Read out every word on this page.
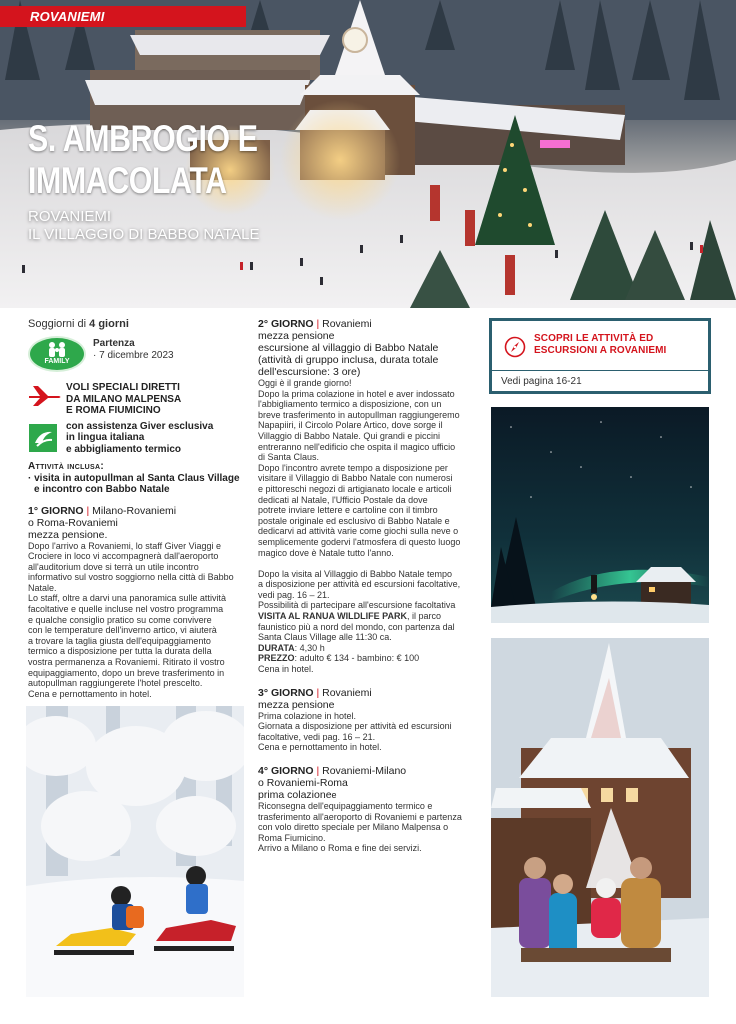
ROVANIEMI
S. AMBROGIO E
IMMACOLATA
ROVANIEMI
IL VILLAGGIO DI BABBO NATALE
Soggiorni di 4 giorni
FAMILY
Partenza
· 7 dicembre 2023
VOLI SPECIALI DIRETTI
DA MILANO MALPENSA
E ROMA FIUMICINO
con assistenza Giver esclusiva
in lingua italiana
e abbigliamento termico
Attività inclusa:
· visita in autopullman al Santa Claus Village
e incontro con Babbo Natale
1° GIORNO | Milano-Rovaniemi
o Roma-Rovaniemi
mezza pensione.

Dopo l'arrivo a Rovaniemi, lo staff Giver Viaggi e

Crociere in loco vi accompagnerà dall'aeroporto

all'auditorium dove si terrà un utile incontro

informativo sul vostro soggiorno nella città di Babbo

Natale.

Lo staff, oltre a darvi una panoramica sulle attività

facoltative e quelle incluse nel vostro programma

e qualche consiglio pratico su come convivere

con le temperature dell'inverno artico, vi aiuterà

a trovare la taglia giusta dell'equipaggiamento

termico a disposizione per tutta la durata della

vostra permanenza a Rovaniemi. Ritirato il vostro

equipaggiamento, dopo un breve trasferimento in

autopullman raggiungerete l'hotel prescelto.

Cena e pernottamento in hotel.

2° GIORNO | Rovaniemi
mezza pensione
escursione al villaggio di Babbo Natale
(attività di gruppo inclusa, durata totale
dell'escursione: 3 ore)

Oggi è il grande giorno!

Dopo la prima colazione in hotel e aver indossato

l'abbigliamento termico a disposizione, con un

breve trasferimento in autopullman raggiungeremo

Napapiiri, il Circolo Polare Artico, dove sorge il

Villaggio di Babbo Natale. Qui grandi e piccini

entreranno nell'edificio che ospita il magico ufficio

di Santa Claus.

Dopo l'incontro avrete tempo a disposizione per

visitare il Villaggio di Babbo Natale con numerosi

e pittoreschi negozi di artigianato locale e articoli

dedicati al Natale, l'Ufficio Postale da dove

potrete inviare lettere e cartoline con il timbro

postale originale ed esclusivo di Babbo Natale e

dedicarvi ad attività varie come giochi sulla neve o

semplicemente godervi l'atmosfera di questo luogo

magico dove è Natale tutto l'anno.

Dopo la visita al Villaggio di Babbo Natale tempo

a disposizione per attività ed escursioni facoltative,

vedi pag. 16 – 21.

Possibilità di partecipare all'escursione facoltativa

VISITA AL RANUA WILDLIFE PARK, il parco

faunistico più a nord del mondo, con partenza dal

Santa Claus Village alle 11:30 ca.

DURATA: 4,30 h

PREZZO: adulto € 134 - bambino: € 100

Cena in hotel.

3° GIORNO | Rovaniemi
mezza pensione

Prima colazione in hotel.

Giornata a disposizione per attività ed escursioni

facoltative, vedi pag. 16 – 21.

Cena e pernottamento in hotel.

4° GIORNO | Rovaniemi-Milano
o Rovaniemi-Roma
prima colazionee

Riconsegna dell'equipaggiamento termico e

trasferimento all'aeroporto di Rovaniemi e partenza

con volo diretto speciale per Milano Malpensa o

Roma Fiumicino.

Arrivo a Milano o Roma e fine dei servizi.

SCOPRI LE ATTIVITÀ ED
ESCURSIONI A ROVANIEMI
Vedi pagina 16-21
